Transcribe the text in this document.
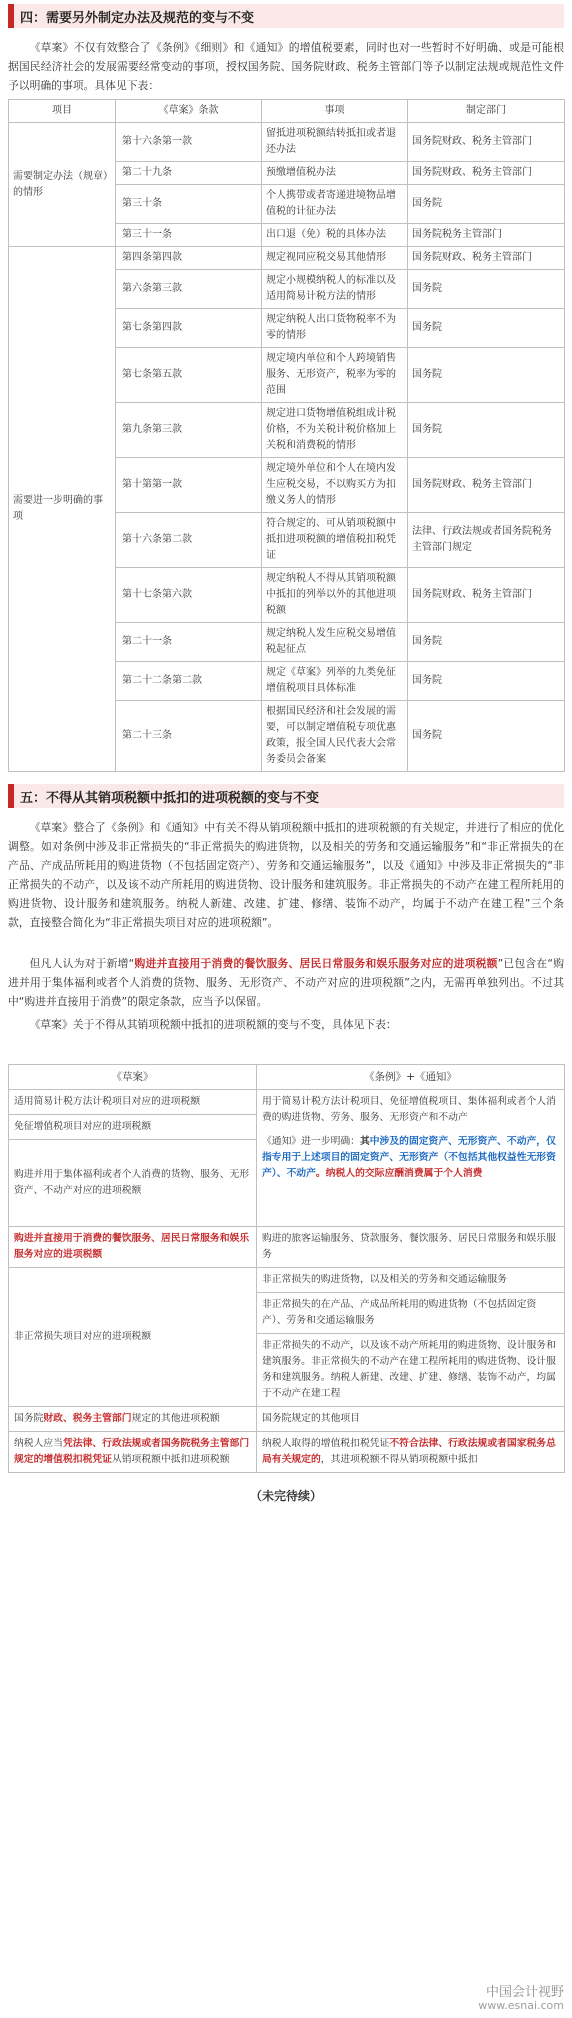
四：需要另外制定办法及规范的变与不变

《草案》不仅有效整合了《条例》《细则》和《通知》的增值税要素，同时也对一些暂时不好明确、或是可能根据国民经济社会的发展需要经常变动的事项，授权国务院、国务院财政、税务主管部门等予以制定法规或规范性文件予以明确的事项。具体见下表：

项目	《草案》条款	事项	制定部门
需要制定办法（规章）的情形	第十六条第一款	留抵进项税额结转抵扣或者退还办法	国务院财政、税务主管部门
	第二十九条	预缴增值税办法	国务院财政、税务主管部门
	第三十条	个人携带或者寄递进境物品增值税的计征办法	国务院
	第三十一条	出口退（免）税的具体办法	国务院税务主管部门
需要进一步明确的事项	第四条第四款	规定视同应税交易其他情形	国务院财政、税务主管部门
	第六条第三款	规定小规模纳税人的标准以及适用简易计税方法的情形	国务院
	第七条第四款	规定纳税人出口货物税率不为零的情形	国务院
	第七条第五款	规定境内单位和个人跨境销售服务、无形资产，税率为零的范围	国务院
	第九条第三款	规定进口货物增值税组成计税价格，不为关税计税价格加上关税和消费税的情形	国务院
	第十第第一款	规定境外单位和个人在境内发生应税交易，不以购买方为扣缴义务人的情形	国务院财政、税务主管部门
	第十六条第二款	符合规定的、可从销项税额中抵扣进项税额的增值税扣税凭证	法律、行政法规或者国务院税务主管部门规定
	第十七条第六款	规定纳税人不得从其销项税额中抵扣的列举以外的其他进项税额	国务院财政、税务主管部门
	第二十一条	规定纳税人发生应税交易增值税起征点	国务院
	第二十二条第二款	规定《草案》列举的九类免征增值税项目具体标准	国务院
	第二十三条	根据国民经济和社会发展的需要，可以制定增值税专项优惠政策，报全国人民代表大会常务委员会备案	国务院
五：不得从其销项税额中抵扣的进项税额的变与不变

《草案》整合了《条例》和《通知》中有关不得从销项税额中抵扣的进项税额的有关规定，并进行了相应的优化调整。如对条例中涉及非正常损失的“非正常损失的购进货物，以及相关的劳务和交通运输服务”和“非正常损失的在产品、产成品所耗用的购进货物（不包括固定资产）、劳务和交通运输服务”，以及《通知》中涉及非正常损失的“非正常损失的不动产，以及该不动产所耗用的购进货物、设计服务和建筑服务。非正常损失的不动产在建工程所耗用的购进货物、设计服务和建筑服务。纳税人新建、改建、扩建、修缮、装饰不动产，均属于不动产在建工程”三个条款，直接整合简化为“非正常损失项目对应的进项税额”。

但凡人认为对于新增“购进并直接用于消费的餐饮服务、居民日常服务和娱乐服务对应的进项税额”已包含在“购进并用于集体福利或者个人消费的货物、服务、无形资产、不动产对应的进项税额”之内，无需再单独列出。不过其中“购进并直接用于消费”的限定条款，应当予以保留。

《草案》关于不得从其销项税额中抵扣的进项税额的变与不变，具体见下表：

《草案》	《条例》+《通知》
适用简易计税方法计税项目对应的进项税额	用于简易计税方法计税项目、免征增值税项目、集体福利或者个人消费的购进货物、劳务、服务、无形资产和不动产
《通知》进一步明确：其中涉及的固定资产、无形资产、不动产，仅指专用于上述项目的固定资产、无形资产（不包括其他权益性无形资产）、不动产。纳税人的交际应酬消费属于个人消费

免征增值税项目对应的进项税额	
购进并用于集体福利或者个人消费的货物、服务、无形资产、不动产对应的进项税额	
购进并直接用于消费的餐饮服务、居民日常服务和娱乐服务对应的进项税额	购进的旅客运输服务、贷款服务、餐饮服务、居民日常服务和娱乐服务
非正常损失项目对应的进项税额	非正常损失的购进货物，以及相关的劳务和交通运输服务
非正常损失的在产品、产成品所耗用的购进货物（不包括固定资产）、劳务和交通运输服务
非正常损失的不动产，以及该不动产所耗用的购进货物、设计服务和建筑服务。非正常损失的不动产在建工程所耗用的购进货物、设计服务和建筑服务。纳税人新建、改建、扩建、修缮、装饰不动产，均属于不动产在建工程

国务院财政、税务主管部门规定的其他进项税额	国务院规定的其他项目
纳税人应当凭法律、行政法规或者国务院税务主管部门规定的增值税扣税凭证从销项税额中抵扣进项税额	纳税人取得的增值税扣税凭证不符合法律、行政法规或者国家税务总局有关规定的，其进项税额不得从销项税额中抵扣
（未完待续）
中国会计视野
www.esnai.com
